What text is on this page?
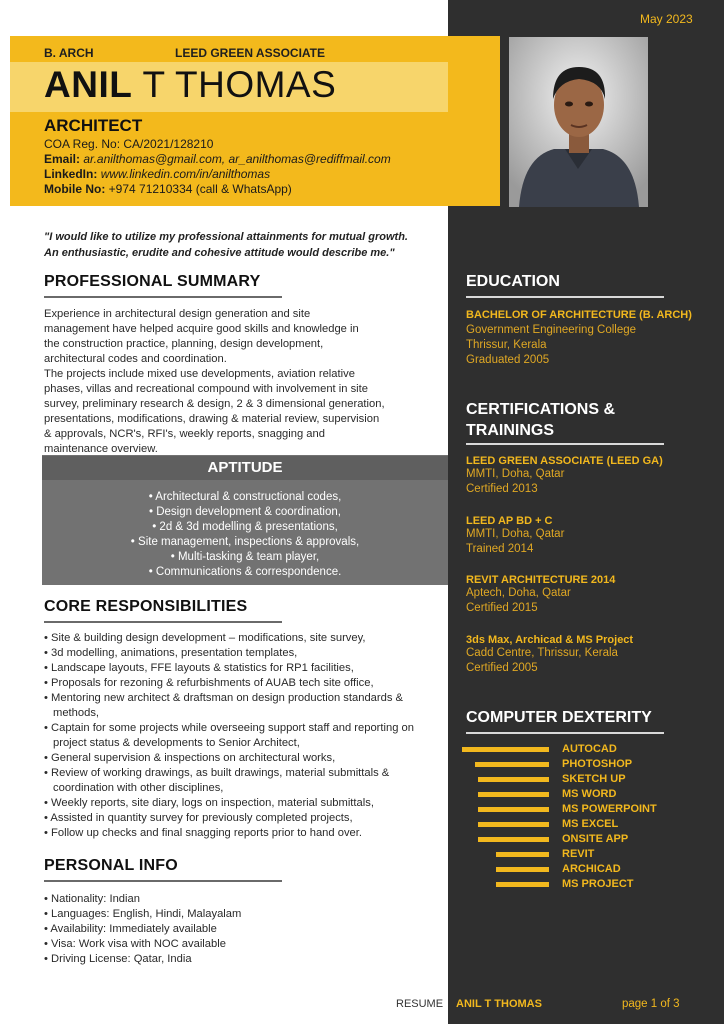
May 2023
B. ARCH	LEED GREEN ASSOCIATE
ANIL T THOMAS
ARCHITECT
COA Reg. No: CA/2021/128210
Email: ar.anilthomas@gmail.com, ar_anilthomas@rediffmail.com
LinkedIn: www.linkedin.com/in/anilthomas
Mobile No: +974 71210334 (call & WhatsApp)
"I would like to utilize my professional attainments for mutual growth.
An enthusiastic, erudite and cohesive attitude would describe me."
PROFESSIONAL SUMMARY
Experience in architectural design generation and site
management have helped acquire good skills and knowledge in
the construction practice, planning, design development,
architectural codes and coordination.
The projects include mixed use developments, aviation relative
phases, villas and recreational compound with involvement in site
survey, preliminary research & design, 2 & 3 dimensional generation,
presentations, modifications, drawing & material review, supervision
& approvals, NCR's, RFI's, weekly reports, snagging and
maintenance overview.
APTITUDE
• Architectural & constructional codes,
• Design development & coordination,
• 2d & 3d modelling & presentations,
• Site management, inspections & approvals,
• Multi-tasking & team player,
• Communications & correspondence.
CORE RESPONSIBILITIES
• Site & building design development – modifications, site survey,
• 3d modelling, animations, presentation templates,
• Landscape layouts, FFE layouts & statistics for RP1 facilities,
• Proposals for rezoning & refurbishments of AUAB tech site office,
• Mentoring new architect & draftsman on design production standards & methods,
• Captain for some projects while overseeing support staff and reporting on project status & developments to Senior Architect,
• General supervision & inspections on architectural works,
• Review of working drawings, as built drawings, material submittals & coordination with other disciplines,
• Weekly reports, site diary, logs on inspection, material submittals,
• Assisted in quantity survey for previously completed projects,
• Follow up checks and final snagging reports prior to hand over.
PERSONAL INFO
• Nationality: Indian
• Languages: English, Hindi, Malayalam
• Availability: Immediately available
• Visa: Work visa with NOC available
• Driving License: Qatar, India
EDUCATION
BACHELOR OF ARCHITECTURE (B. ARCH)
Government Engineering College
Thrissur, Kerala
Graduated 2005
CERTIFICATIONS &
TRAININGS
LEED GREEN ASSOCIATE (LEED GA)
MMTI, Doha, Qatar
Certified 2013
LEED AP BD + C
MMTI, Doha, Qatar
Trained 2014
REVIT ARCHITECTURE 2014
Aptech, Doha, Qatar
Certified 2015
3ds Max, Archicad & MS Project
Cadd Centre, Thrissur, Kerala
Certified 2005
COMPUTER DEXTERITY
AUTOCAD
PHOTOSHOP
SKETCH UP
MS WORD
MS POWERPOINT
MS EXCEL
ONSITE APP
REVIT
ARCHICAD
MS PROJECT
RESUME ANIL T THOMAS	page 1 of 3
